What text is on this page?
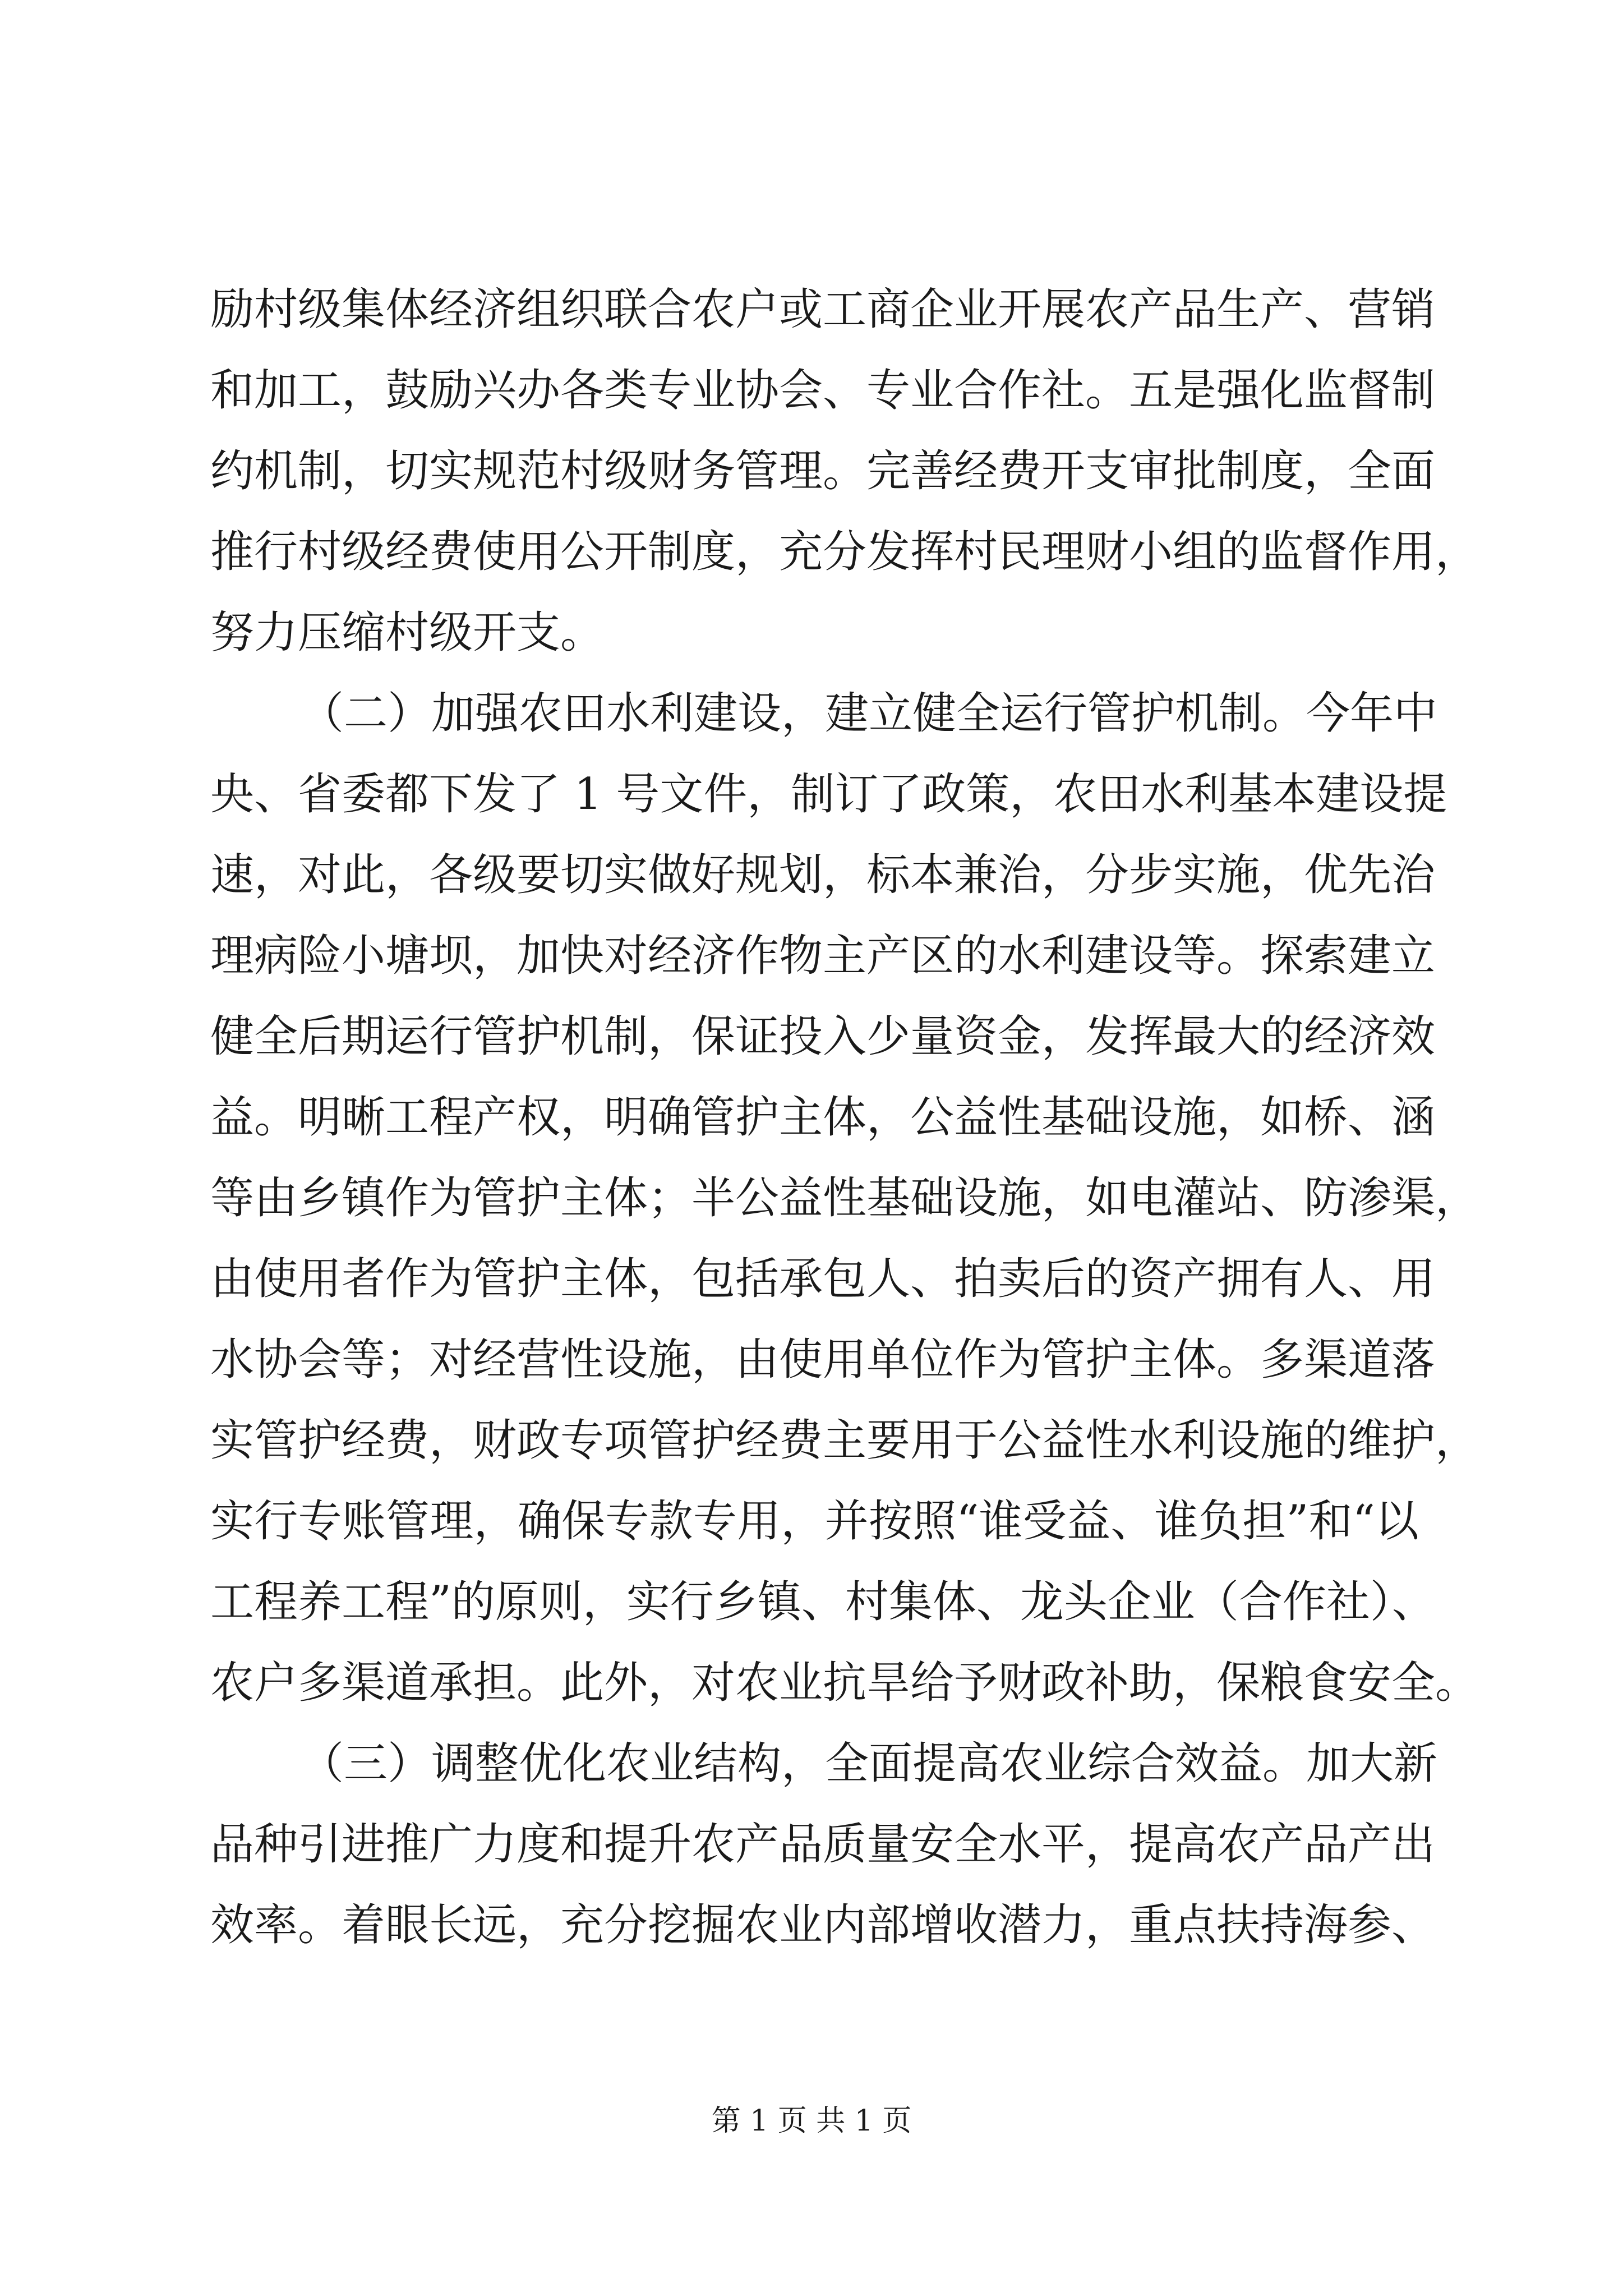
励村级集体经济组织联合农户或工商企业开展农产品生产、营销
和加工，鼓励兴办各类专业协会、专业合作社。五是强化监督制
约机制，切实规范村级财务管理。完善经费开支审批制度，全面
推行村级经费使用公开制度，充分发挥村民理财小组的监督作用，
努力压缩村级开支。
（二）加强农田水利建设，建立健全运行管护机制。今年中
央、省委都下发了 1 号文件，制订了政策，农田水利基本建设提
速，对此，各级要切实做好规划，标本兼治，分步实施，优先治
理病险小塘坝，加快对经济作物主产区的水利建设等。探索建立
健全后期运行管护机制，保证投入少量资金，发挥最大的经济效
益。明晰工程产权，明确管护主体，公益性基础设施，如桥、涵
等由乡镇作为管护主体；半公益性基础设施，如电灌站、防渗渠，
由使用者作为管护主体，包括承包人、拍卖后的资产拥有人、用
水协会等；对经营性设施，由使用单位作为管护主体。多渠道落
实管护经费，财政专项管护经费主要用于公益性水利设施的维护，
实行专账管理，确保专款专用，并按照“谁受益、谁负担”和“以
工程养工程”的原则，实行乡镇、村集体、龙头企业（合作社）、
农户多渠道承担。此外，对农业抗旱给予财政补助，保粮食安全。
（三）调整优化农业结构，全面提高农业综合效益。加大新
品种引进推广力度和提升农产品质量安全水平，提高农产品产出
效率。着眼长远，充分挖掘农业内部增收潜力，重点扶持海参、
第 1 页 共 1 页
